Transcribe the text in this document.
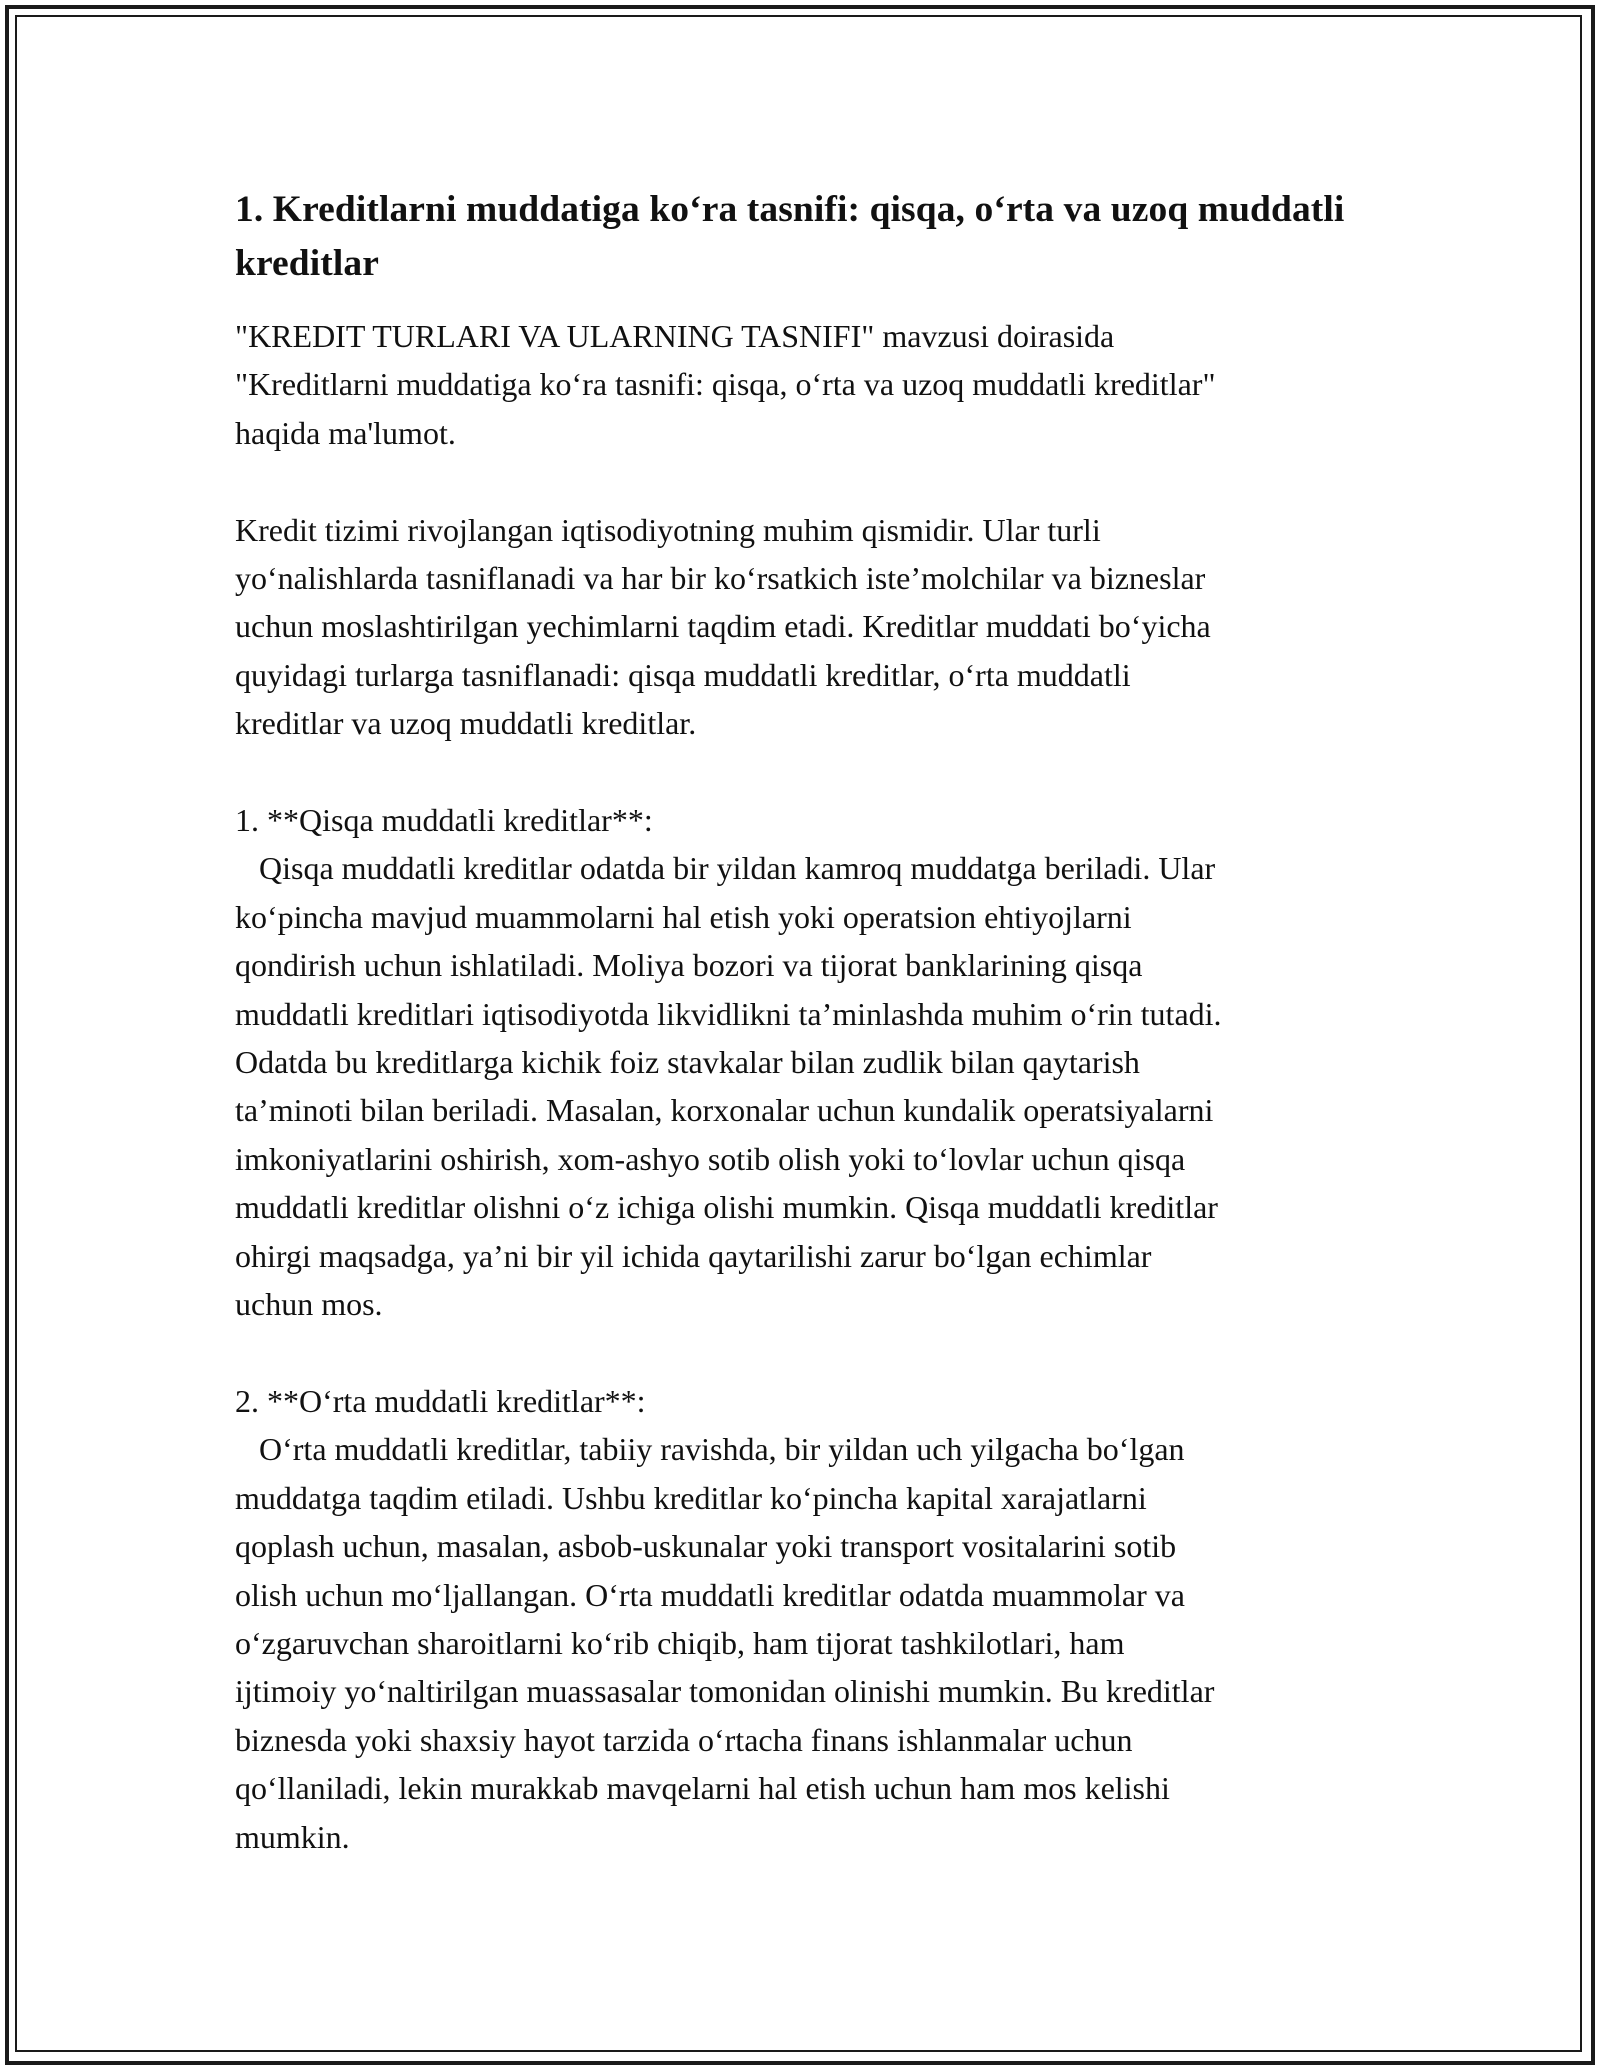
1. Kreditlarni muddatiga ko‘ra tasnifi: qisqa, o‘rta va uzoq muddatli kreditlar
"KREDIT TURLARI VA ULARNING TASNIFI" mavzusi doirasida
"Kreditlarni muddatiga ko‘ra tasnifi: qisqa, o‘rta va uzoq muddatli kreditlar"
haqida ma'lumot.
Kredit tizimi rivojlangan iqtisodiyotning muhim qismidir. Ular turli
yo‘nalishlarda tasniflanadi va har bir ko‘rsatkich iste’molchilar va bizneslar
uchun moslashtirilgan yechimlarni taqdim etadi. Kreditlar muddati bo‘yicha
quyidagi turlarga tasniflanadi: qisqa muddatli kreditlar, o‘rta muddatli
kreditlar va uzoq muddatli kreditlar.
1. **Qisqa muddatli kreditlar**:
Qisqa muddatli kreditlar odatda bir yildan kamroq muddatga beriladi. Ular
ko‘pincha mavjud muammolarni hal etish yoki operatsion ehtiyojlarni
qondirish uchun ishlatiladi. Moliya bozori va tijorat banklarining qisqa
muddatli kreditlari iqtisodiyotda likvidlikni ta’minlashda muhim o‘rin tutadi.
Odatda bu kreditlarga kichik foiz stavkalar bilan zudlik bilan qaytarish
ta’minoti bilan beriladi. Masalan, korxonalar uchun kundalik operatsiyalarni
imkoniyatlarini oshirish, xom-ashyo sotib olish yoki to‘lovlar uchun qisqa
muddatli kreditlar olishni o‘z ichiga olishi mumkin. Qisqa muddatli kreditlar
ohirgi maqsadga, ya’ni bir yil ichida qaytarilishi zarur bo‘lgan echimlar
uchun mos.
2. **O‘rta muddatli kreditlar**:
O‘rta muddatli kreditlar, tabiiy ravishda, bir yildan uch yilgacha bo‘lgan
muddatga taqdim etiladi. Ushbu kreditlar ko‘pincha kapital xarajatlarni
qoplash uchun, masalan, asbob-uskunalar yoki transport vositalarini sotib
olish uchun mo‘ljallangan. O‘rta muddatli kreditlar odatda muammolar va
o‘zgaruvchan sharoitlarni ko‘rib chiqib, ham tijorat tashkilotlari, ham
ijtimoiy yo‘naltirilgan muassasalar tomonidan olinishi mumkin. Bu kreditlar
biznesda yoki shaxsiy hayot tarzida o‘rtacha finans ishlanmalar uchun
qo‘llaniladi, lekin murakkab mavqelarni hal etish uchun ham mos kelishi
mumkin.
